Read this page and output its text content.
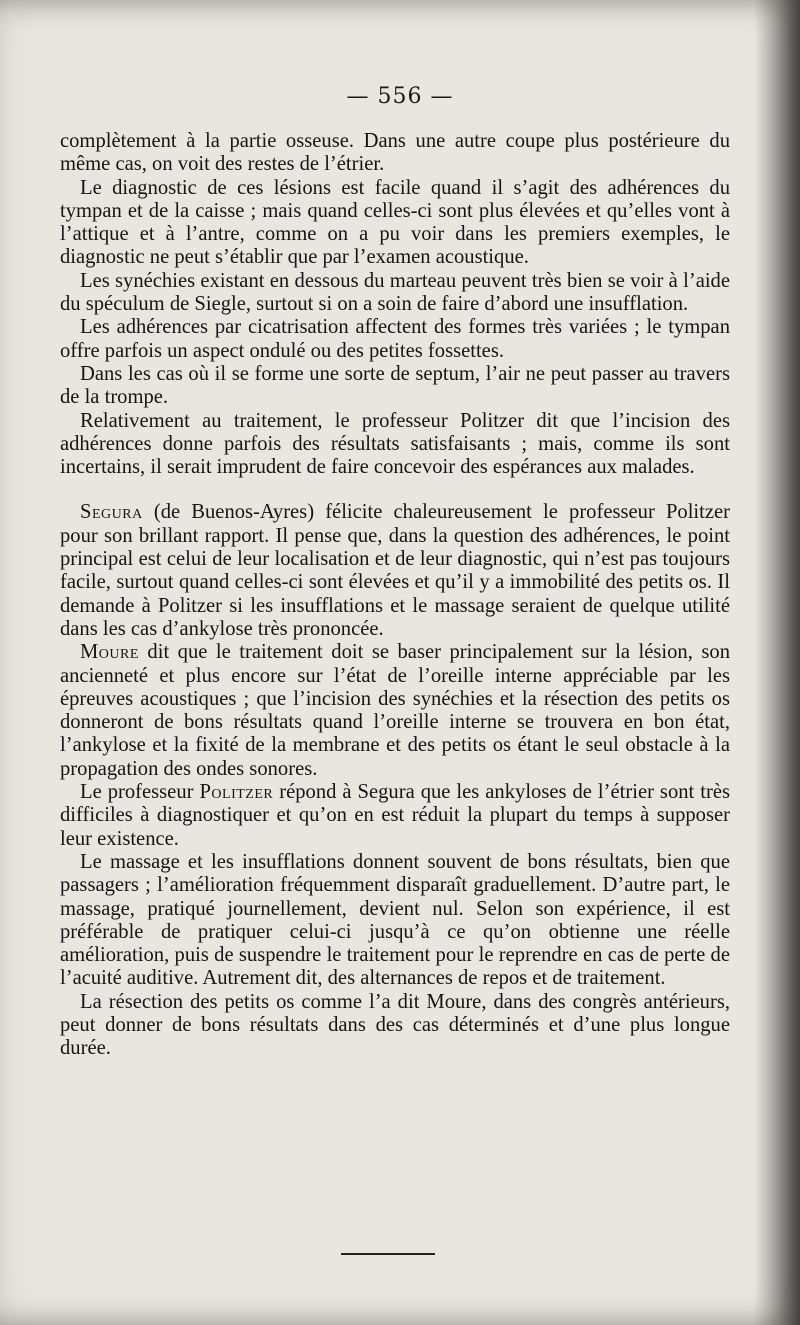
— 556 —

complètement à la partie osseuse. Dans une autre coupe plus postérieure du même cas, on voit des restes de l’étrier.

Le diagnostic de ces lésions est facile quand il s’agit des adhérences du tympan et de la caisse ; mais quand celles-ci sont plus élevées et qu’elles vont à l’attique et à l’antre, comme on a pu voir dans les premiers exemples, le diagnostic ne peut s’établir que par l’examen acoustique.

Les synéchies existant en dessous du marteau peuvent très bien se voir à l’aide du spéculum de Siegle, surtout si on a soin de faire d’abord une insufflation.

Les adhérences par cicatrisation affectent des formes très variées ; le tympan offre parfois un aspect ondulé ou des petites fossettes.

Dans les cas où il se forme une sorte de septum, l’air ne peut passer au travers de la trompe.

Relativement au traitement, le professeur Politzer dit que l’incision des adhérences donne parfois des résultats satisfaisants ; mais, comme ils sont incertains, il serait imprudent de faire concevoir des espérances aux malades.

Segura (de Buenos-Ayres) félicite chaleureusement le professeur Politzer pour son brillant rapport. Il pense que, dans la question des adhérences, le point principal est celui de leur localisation et de leur diagnostic, qui n’est pas toujours facile, surtout quand celles-ci sont élevées et qu’il y a immobilité des petits os. Il demande à Politzer si les insufflations et le massage seraient de quelque utilité dans les cas d’ankylose très prononcée.

Moure dit que le traitement doit se baser principalement sur la lésion, son ancienneté et plus encore sur l’état de l’oreille interne appréciable par les épreuves acoustiques ; que l’incision des synéchies et la résection des petits os donneront de bons résultats quand l’oreille interne se trouvera en bon état, l’ankylose et la fixité de la membrane et des petits os étant le seul obstacle à la propagation des ondes sonores.

Le professeur Politzer répond à Segura que les ankyloses de l’étrier sont très difficiles à diagnostiquer et qu’on en est réduit la plupart du temps à supposer leur existence.

Le massage et les insufflations donnent souvent de bons résultats, bien que passagers ; l’amélioration fréquemment disparaît graduellement. D’autre part, le massage, pratiqué journellement, devient nul. Selon son expérience, il est préférable de pratiquer celui-ci jusqu’à ce qu’on obtienne une réelle amélioration, puis de suspendre le traitement pour le reprendre en cas de perte de l’acuité auditive. Autrement dit, des alternances de repos et de traitement.

La résection des petits os comme l’a dit Moure, dans des congrès antérieurs, peut donner de bons résultats dans des cas déterminés et d’une plus longue durée.
